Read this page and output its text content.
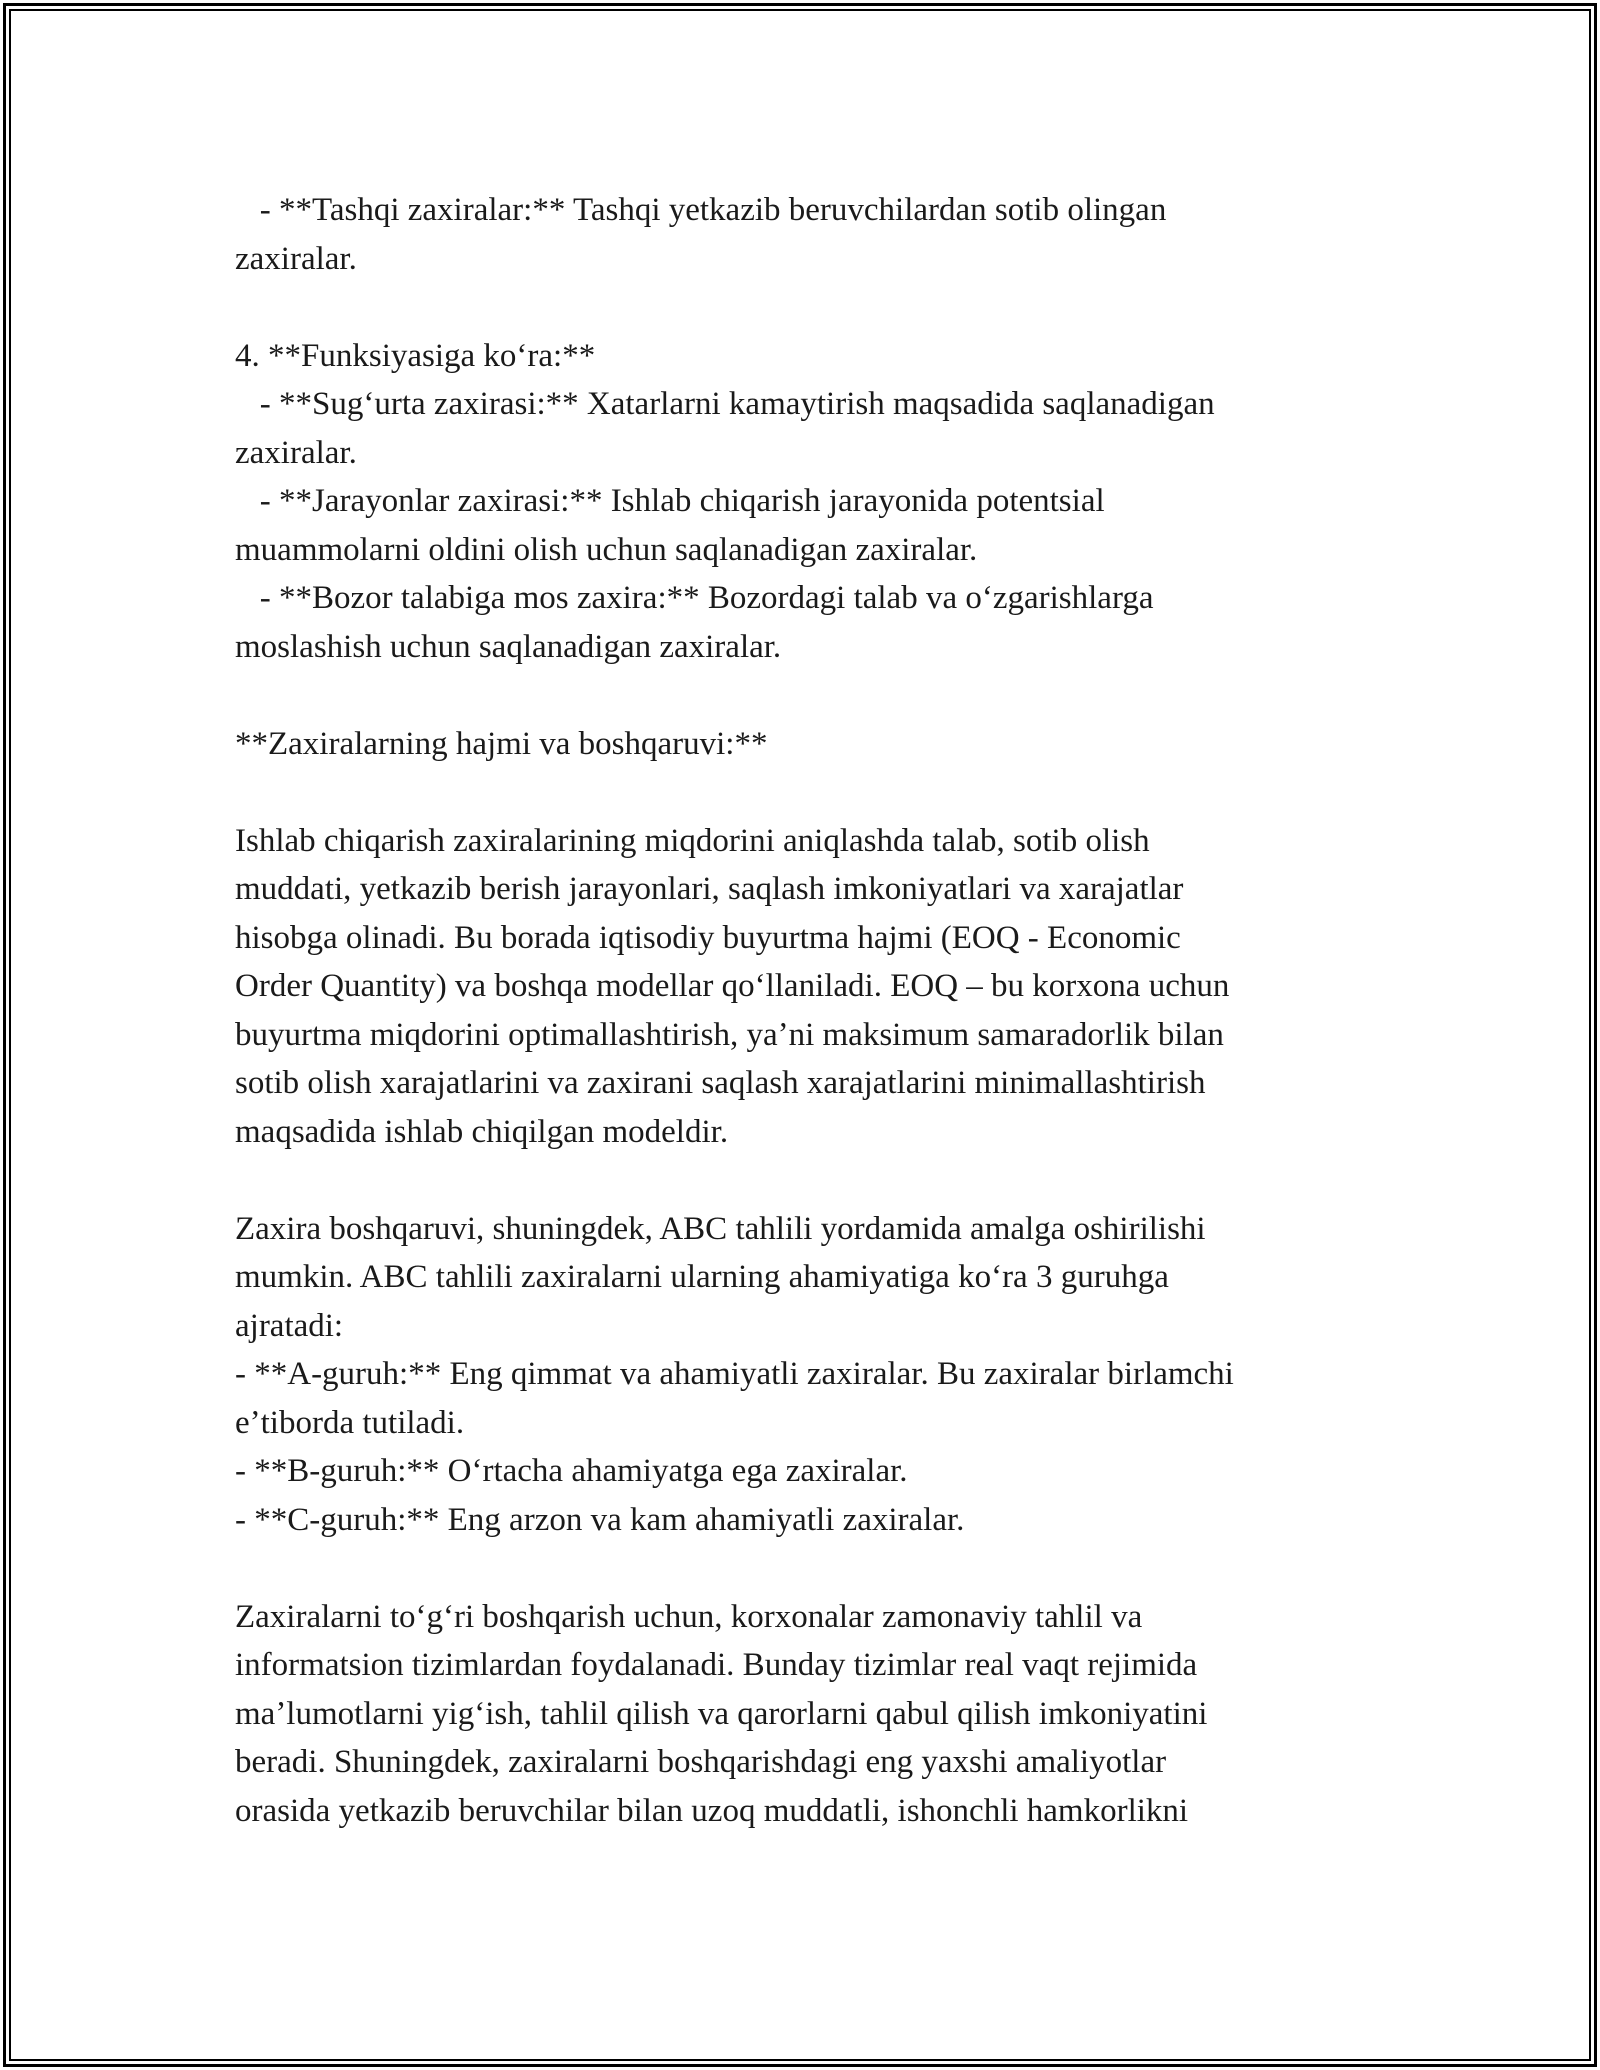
- **Tashqi zaxiralar:** Tashqi yetkazib beruvchilardan sotib olingan
zaxiralar.
4. **Funksiyasiga koʻra:**
- **Sugʻurta zaxirasi:** Xatarlarni kamaytirish maqsadida saqlanadigan
zaxiralar.
- **Jarayonlar zaxirasi:** Ishlab chiqarish jarayonida potentsial
muammolarni oldini olish uchun saqlanadigan zaxiralar.
- **Bozor talabiga mos zaxira:** Bozordagi talab va oʻzgarishlarga
moslashish uchun saqlanadigan zaxiralar.
**Zaxiralarning hajmi va boshqaruvi:**
Ishlab chiqarish zaxiralarining miqdorini aniqlashda talab, sotib olish
muddati, yetkazib berish jarayonlari, saqlash imkoniyatlari va xarajatlar
hisobga olinadi. Bu borada iqtisodiy buyurtma hajmi (EOQ - Economic
Order Quantity) va boshqa modellar qoʻllaniladi. EOQ – bu korxona uchun
buyurtma miqdorini optimallashtirish, yaʼni maksimum samaradorlik bilan
sotib olish xarajatlarini va zaxirani saqlash xarajatlarini minimallashtirish
maqsadida ishlab chiqilgan modeldir.
Zaxira boshqaruvi, shuningdek, ABC tahlili yordamida amalga oshirilishi
mumkin. ABC tahlili zaxiralarni ularning ahamiyatiga koʻra 3 guruhga
ajratadi:
- **A-guruh:** Eng qimmat va ahamiyatli zaxiralar. Bu zaxiralar birlamchi
eʼtiborda tutiladi.
- **B-guruh:** Oʻrtacha ahamiyatga ega zaxiralar.
- **C-guruh:** Eng arzon va kam ahamiyatli zaxiralar.
Zaxiralarni toʻgʻri boshqarish uchun, korxonalar zamonaviy tahlil va
informatsion tizimlardan foydalanadi. Bunday tizimlar real vaqt rejimida
maʼlumotlarni yigʻish, tahlil qilish va qarorlarni qabul qilish imkoniyatini
beradi. Shuningdek, zaxiralarni boshqarishdagi eng yaxshi amaliyotlar
orasida yetkazib beruvchilar bilan uzoq muddatli, ishonchli hamkorlikni
